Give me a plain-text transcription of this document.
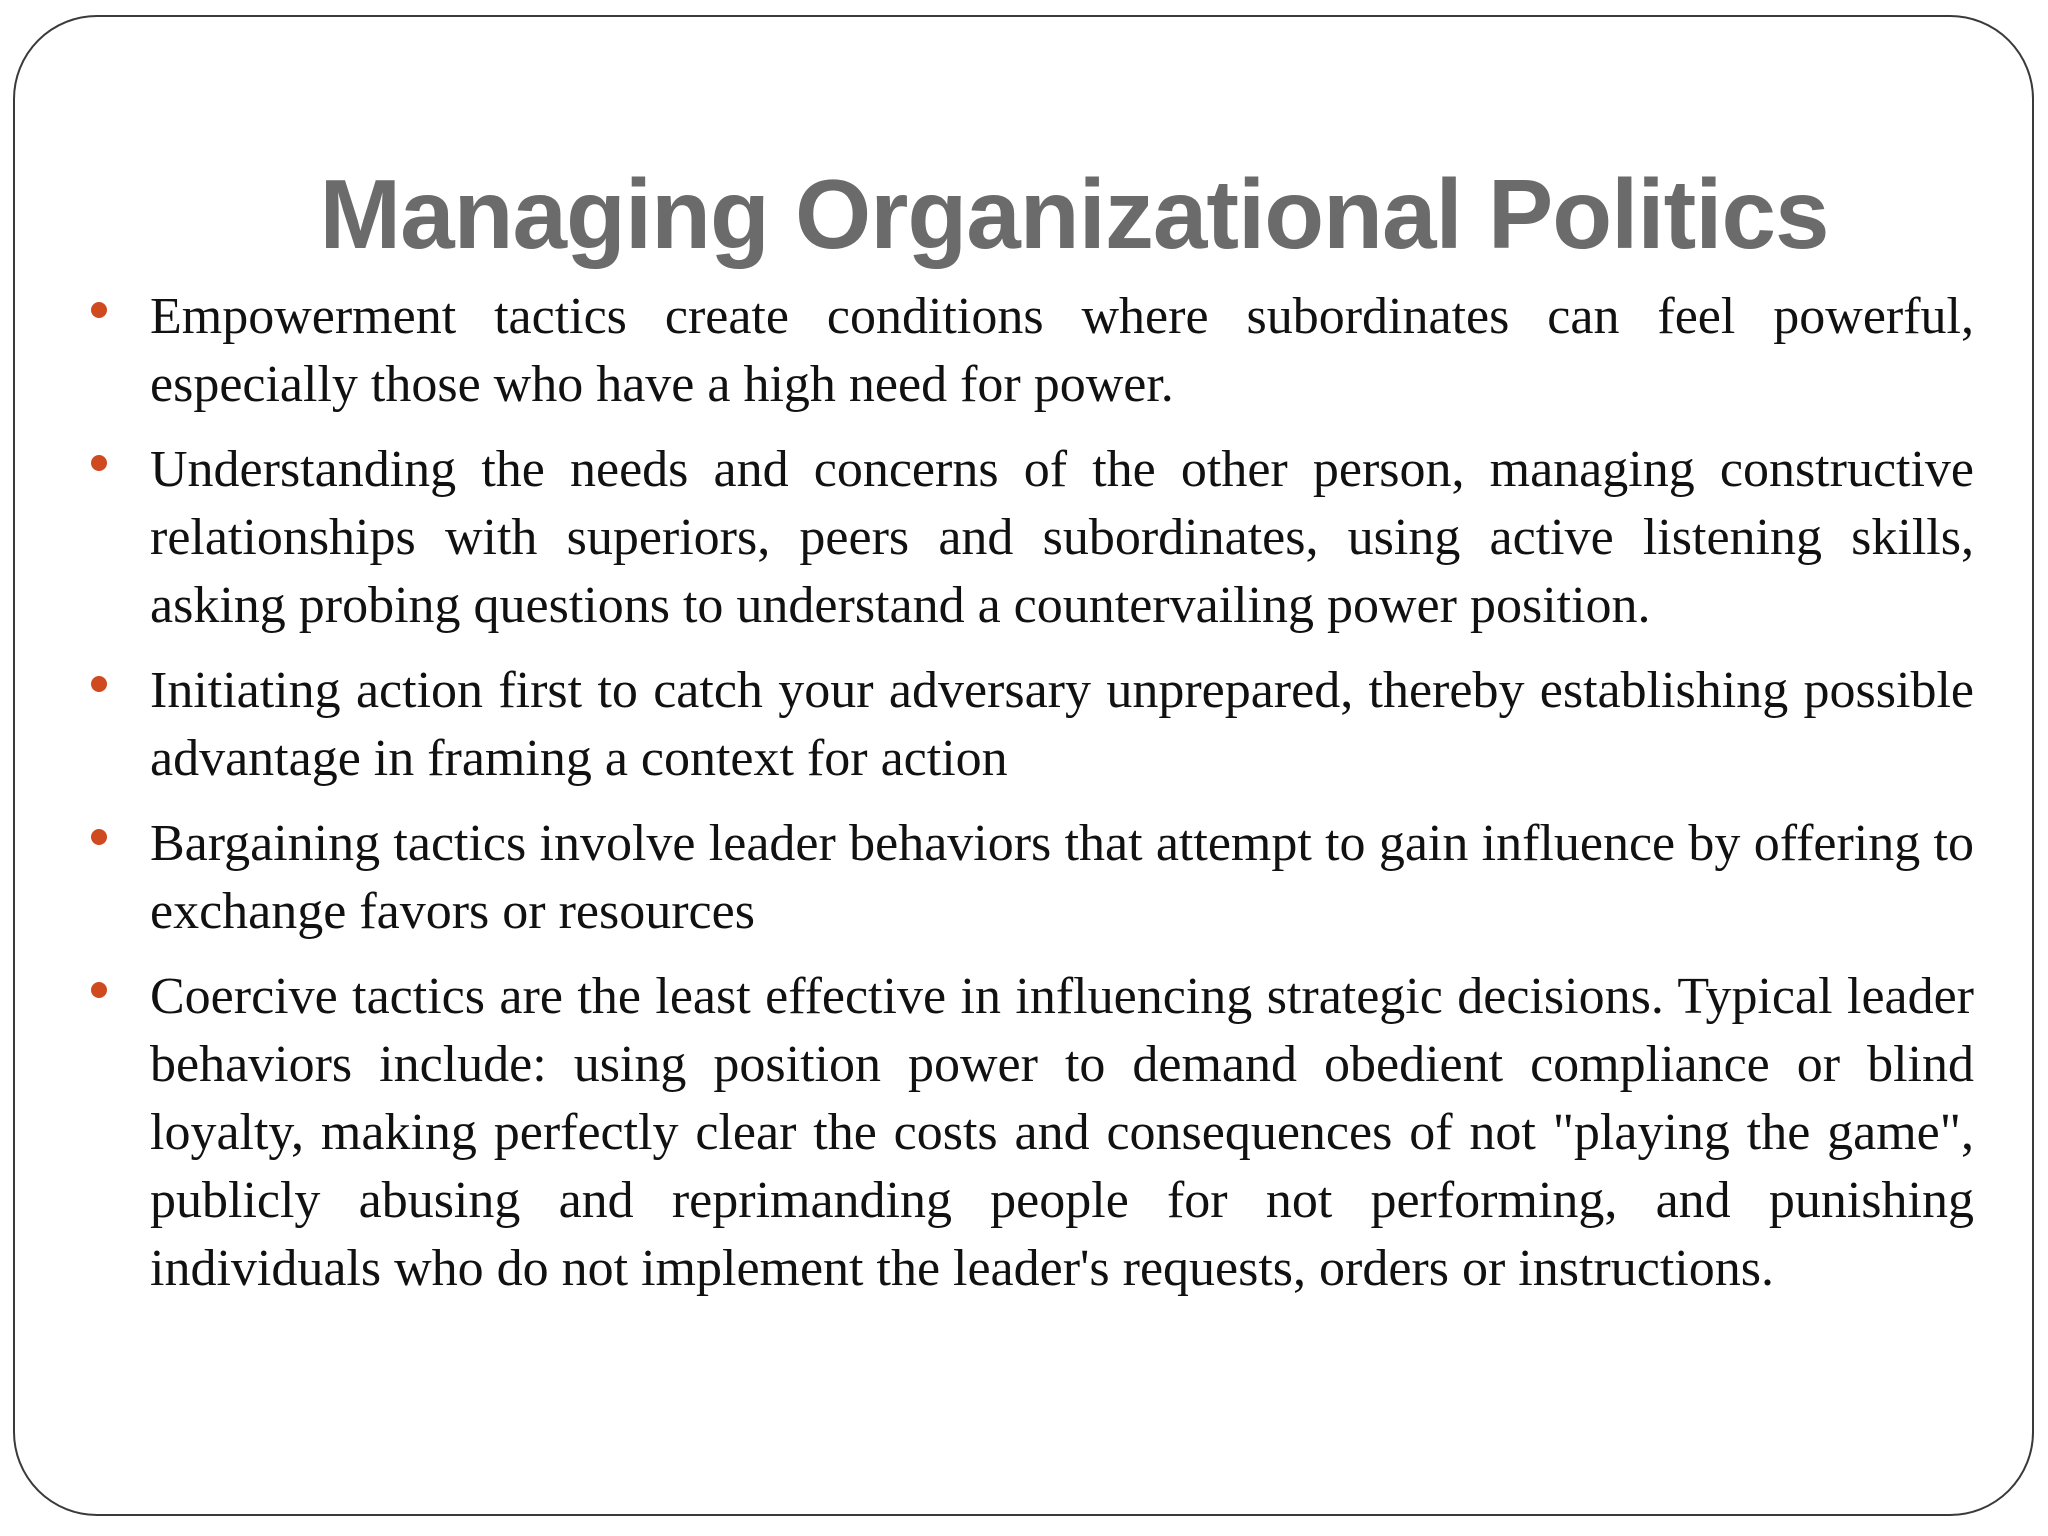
Managing Organizational Politics
Empowerment tactics create conditions where subordinates can feel powerful, especially those who have a high need for power.
Understanding the needs and concerns of the other person, managing constructive relationships with superiors, peers and subordinates, using active listening skills, asking probing questions to understand a countervailing power position.
Initiating action first to catch your adversary unprepared, thereby establishing possible advantage in framing a context for action
Bargaining tactics involve leader behaviors that attempt to gain influence by offering to exchange favors or resources
Coercive tactics are the least effective in influencing strategic decisions. Typical leader behaviors include: using position power to demand obedient compliance or blind loyalty, making perfectly clear the costs and consequences of not "playing the game", publicly abusing and reprimanding people for not performing, and punishing individuals who do not implement the leader's requests, orders or instructions.
